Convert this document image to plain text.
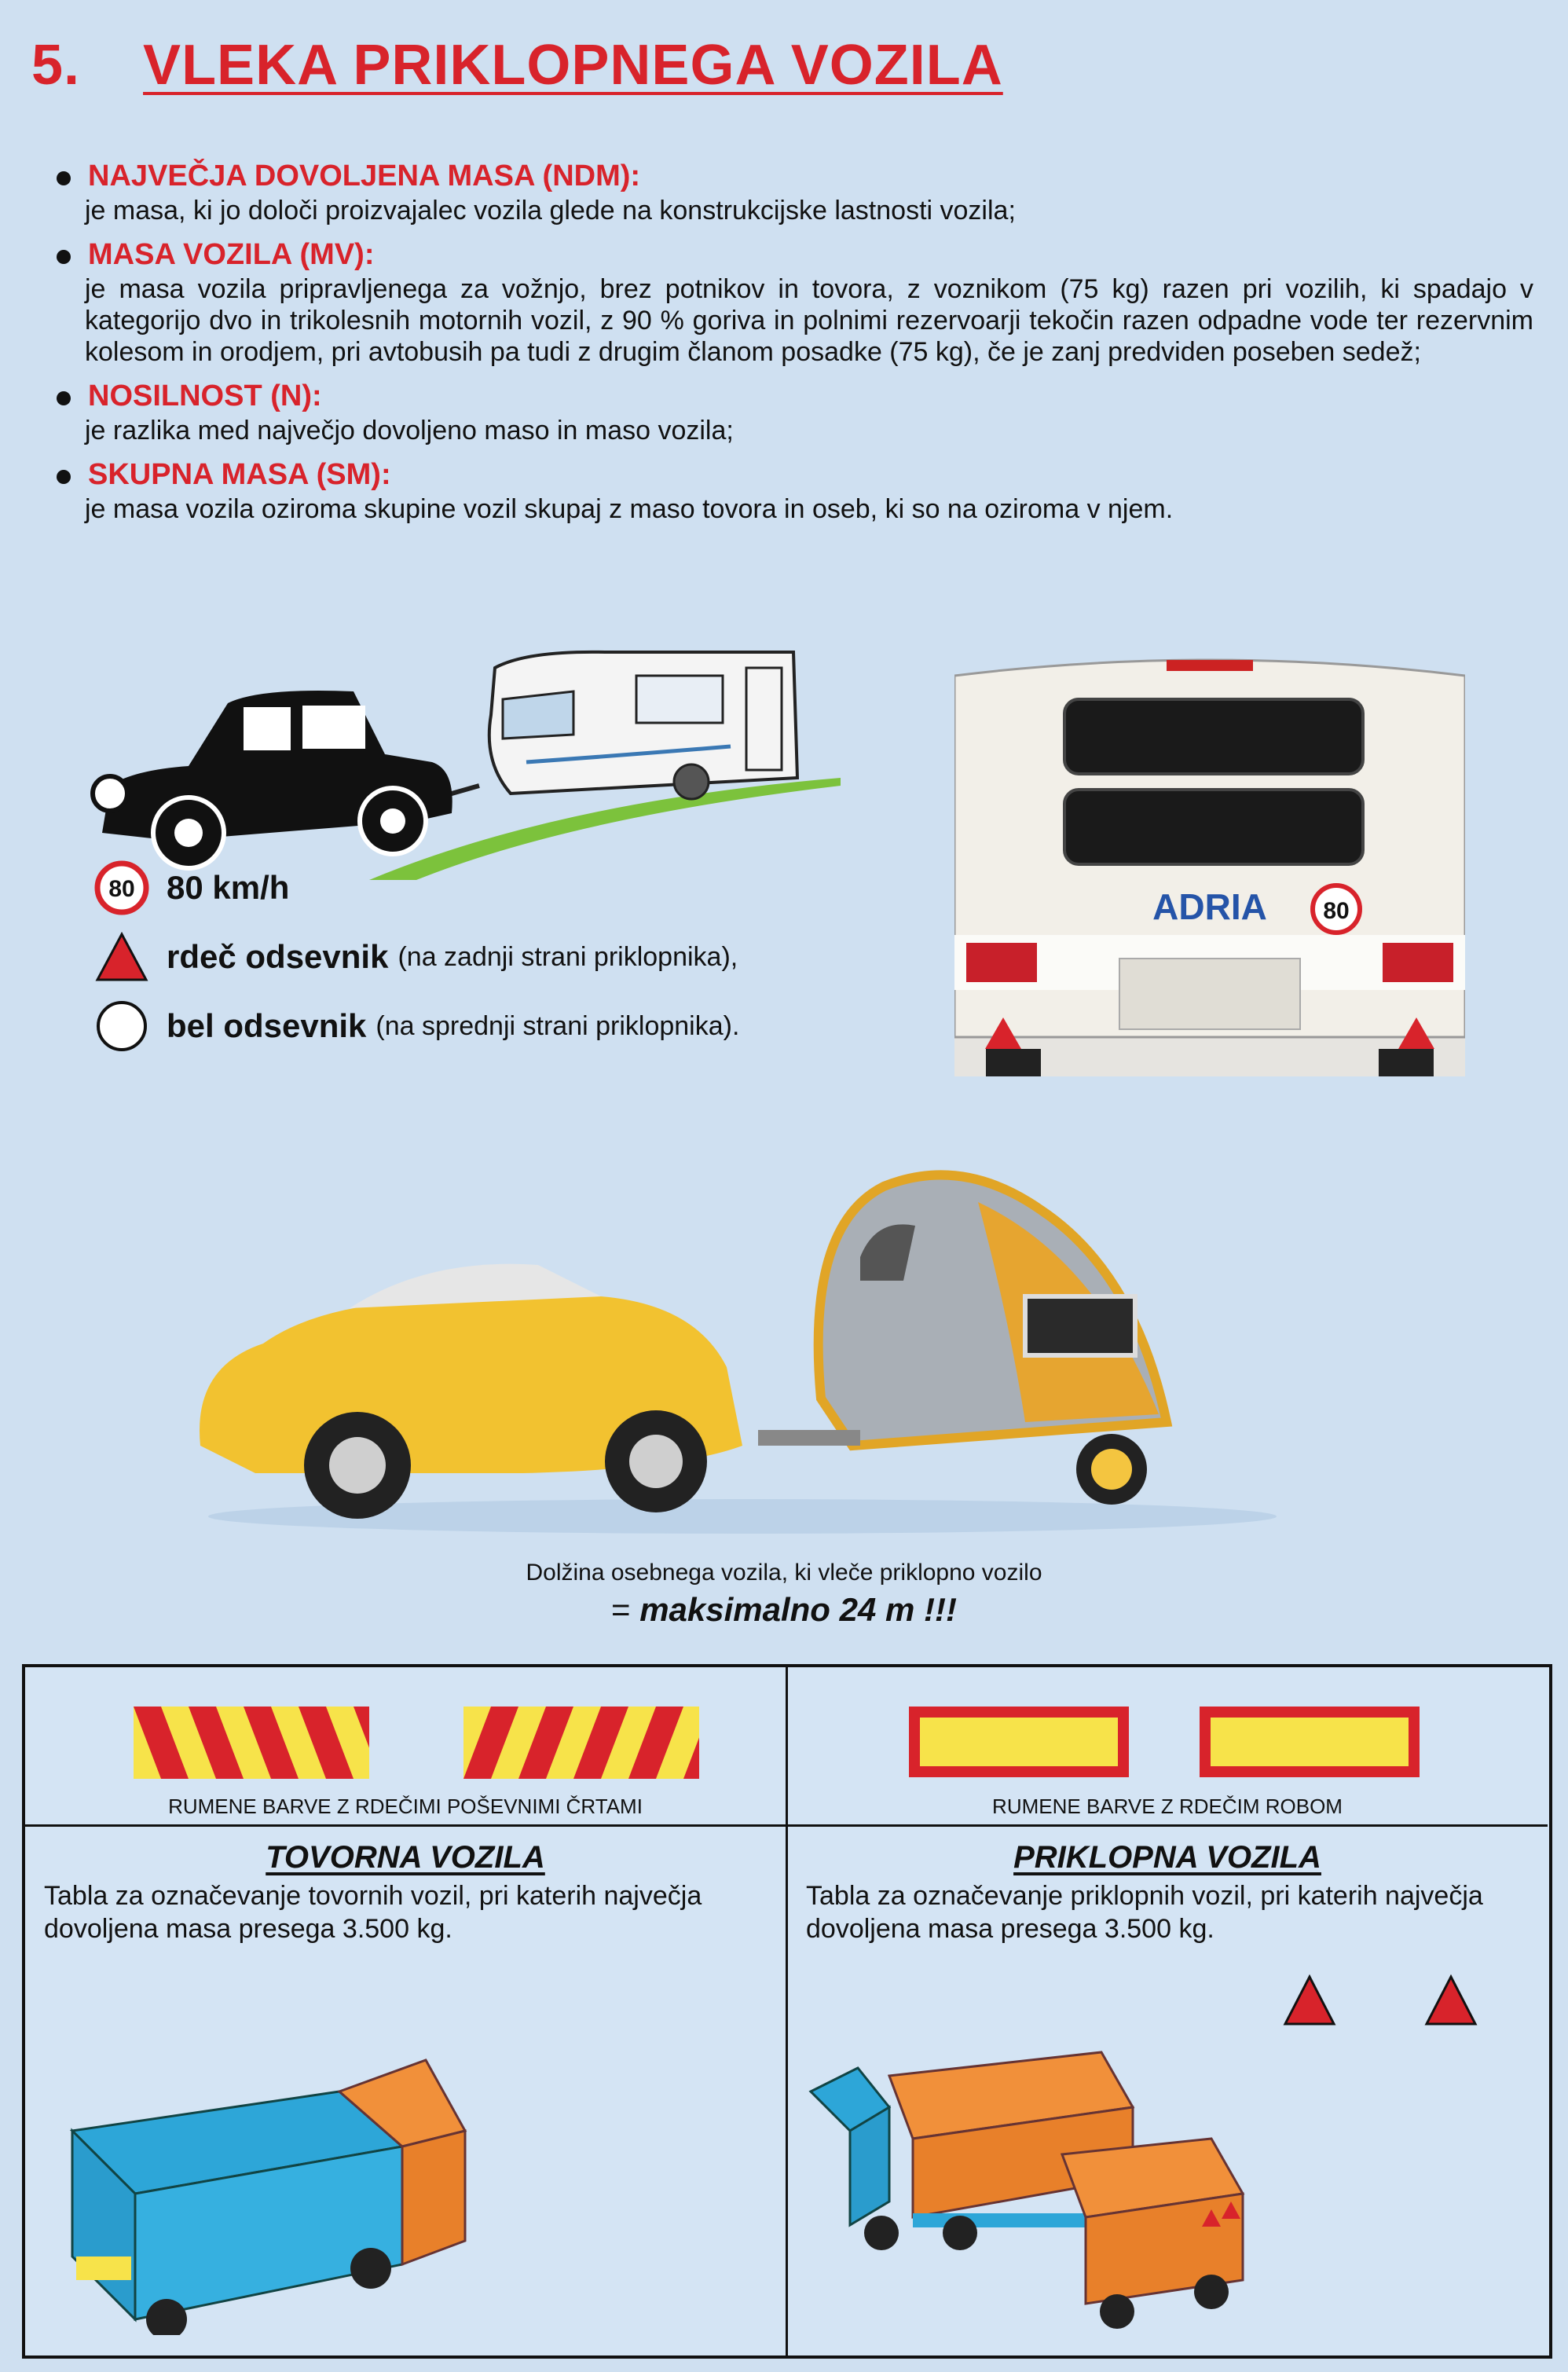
5. VLEKA PRIKLOPNEGA VOZILA
NAJVEČJA DOVOLJENA MASA (NDM):
je masa, ki jo določi proizvajalec vozila glede na konstrukcijske lastnosti vozila;
MASA VOZILA (MV):
je masa vozila pripravljenega za vožnjo, brez potnikov in tovora, z voznikom (75 kg) razen pri vozilih, ki spadajo v kategorijo dvo in trikolesnih motornih vozil, z 90 % goriva in polnimi rezervoarji tekočin razen odpadne vode ter rezervnim kolesom in orodjem, pri avtobusih pa tudi z drugim članom posadke (75 kg), če je zanj predviden poseben sedež;
NOSILNOST (N):
je razlika med največjo dovoljeno maso in maso vozila;
SKUPNA MASA (SM):
je masa vozila oziroma skupine vozil skupaj z maso tovora in oseb, ki so na oziroma v njem.
80 80 km/h
rdeč odsevnik (na zadnji strani priklopnika),
bel odsevnik (na sprednji strani priklopnika).
ADRIA 80
Dolžina osebnega vozila, ki vleče priklopno vozilo
= maksimalno 24 m !!!
RUMENE BARVE Z RDEČIMI POŠEVNIMI ČRTAMI
TOVORNA VOZILA
Tabla za označevanje tovornih vozil, pri katerih največja dovoljena masa presega 3.500 kg.
RUMENE BARVE Z RDEČIM ROBOM
PRIKLOPNA VOZILA
Tabla za označevanje priklopnih vozil, pri katerih največja dovoljena masa presega 3.500 kg.
